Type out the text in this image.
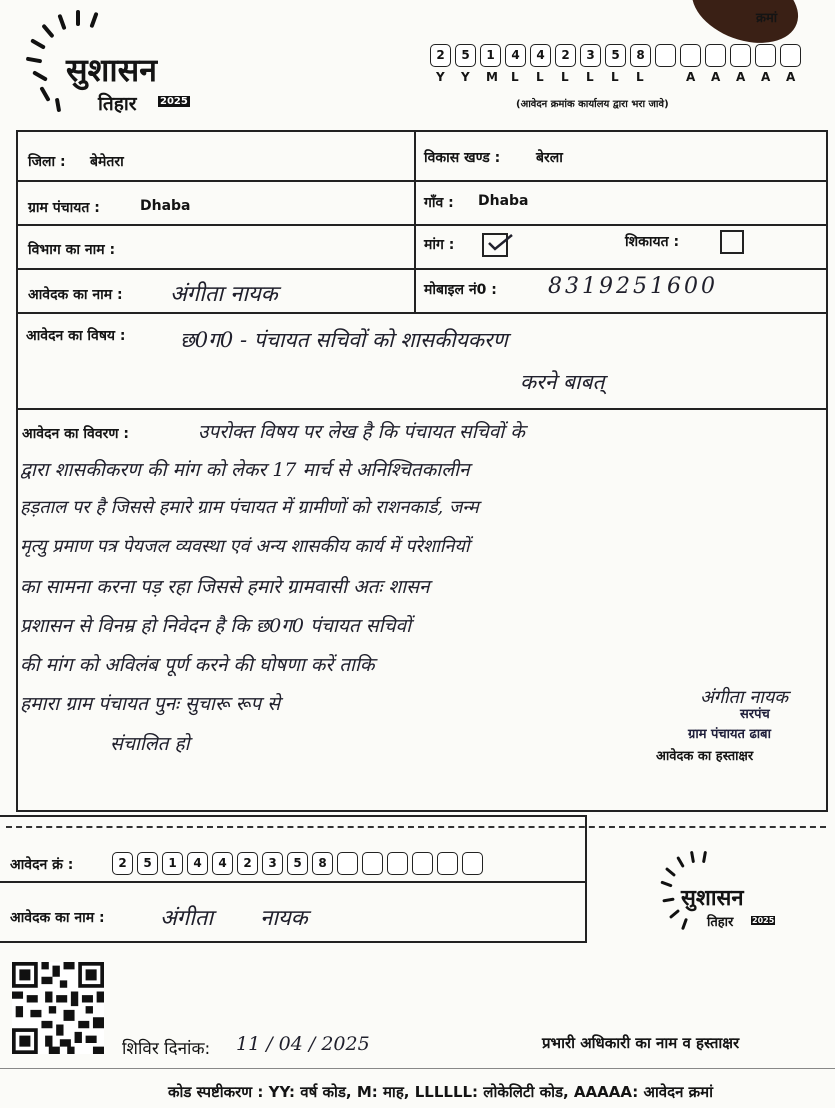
सुशासन
तिहार 2025
क्रमां
2	5	1	4	4	2	3	5	8
Y Y M L L L L L L	A A A A A
(आवेदन क्रमांक कार्यालय द्वारा भरा जावे)
जिला : बेमेतरा	विकास खण्ड :	बेरला
ग्राम पंचायत :	Dhaba	गाँव : Dhaba
विभाग का नाम :	मांग :	शिकायत :
आवेदक का नाम : अंगीता नायक	मोबाइल नं0 : 8319251600
आवेदन का विषय :	छ0ग0 - पंचायत सचिवों को शासकीयकरण
करने बाबत्
आवेदन का विवरण :	उपरोक्त विषय पर लेख है कि पंचायत सचिवों के
द्वारा शासकीकरण की मांग को लेकर 17 मार्च से अनिश्चितकालीन
हड़ताल पर है जिससे हमारे ग्राम पंचायत में ग्रामीणों को राशनकार्ड, जन्म
मृत्यु प्रमाण पत्र पेयजल व्यवस्था एवं अन्य शासकीय कार्य में परेशानियों
का सामना करना पड़ रहा जिससे हमारे ग्रामवासी अतः शासन
प्रशासन से विनम्र हो निवेदन है कि छ0ग0 पंचायत सचिवों
की मांग को अविलंब पूर्ण करने की घोषणा करें ताकि
हमारा ग्राम पंचायत पुनः सुचारू रूप से
संचालित हो
अंगीता नायक
सरपंच
ग्राम पंचायत ढाबा
आवेदक का हस्ताक्षर
आवेदन क्रं :	2	5	1	4	4	2	3	5	8
आवेदक का नाम :	अंगीता नायक
सुशासन
तिहार 2025
शिविर दिनांक: 11 / 04 / 2025	प्रभारी अधिकारी का नाम व हस्ताक्षर
कोड स्पष्टीकरण : YY: वर्ष कोड, M: माह, LLLLLL: लोकेलिटी कोड, AAAAA: आवेदन क्रमां
